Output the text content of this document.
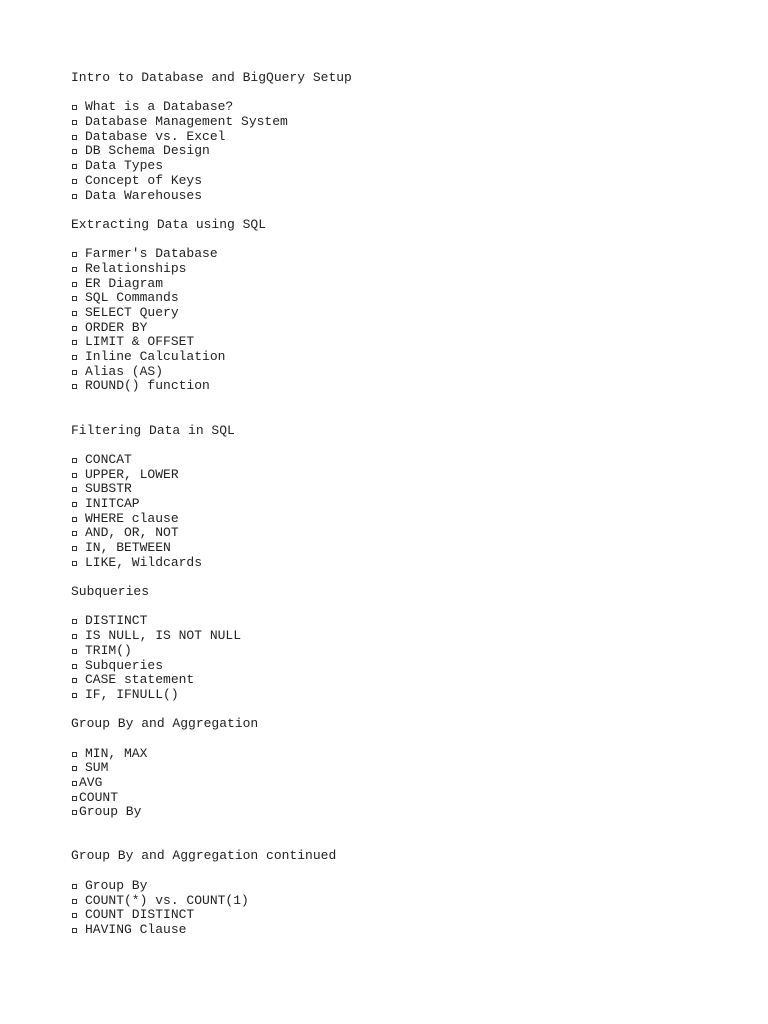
Intro to Database and BigQuery Setup
What is a Database?
Database Management System
Database vs. Excel
DB Schema Design
Data Types
Concept of Keys
Data Warehouses
Extracting Data using SQL
Farmer's Database
Relationships
ER Diagram
SQL Commands
SELECT Query
ORDER BY
LIMIT & OFFSET
Inline Calculation
Alias (AS)
ROUND() function
Filtering Data in SQL
CONCAT
UPPER, LOWER
SUBSTR
INITCAP
WHERE clause
AND, OR, NOT
IN, BETWEEN
LIKE, Wildcards
Subqueries
DISTINCT
IS NULL, IS NOT NULL
TRIM()
Subqueries
CASE statement
IF, IFNULL()
Group By and Aggregation
MIN, MAX
SUM
AVG
COUNT
Group By
Group By and Aggregation continued
Group By
COUNT(*) vs. COUNT(1)
COUNT DISTINCT
HAVING Clause
